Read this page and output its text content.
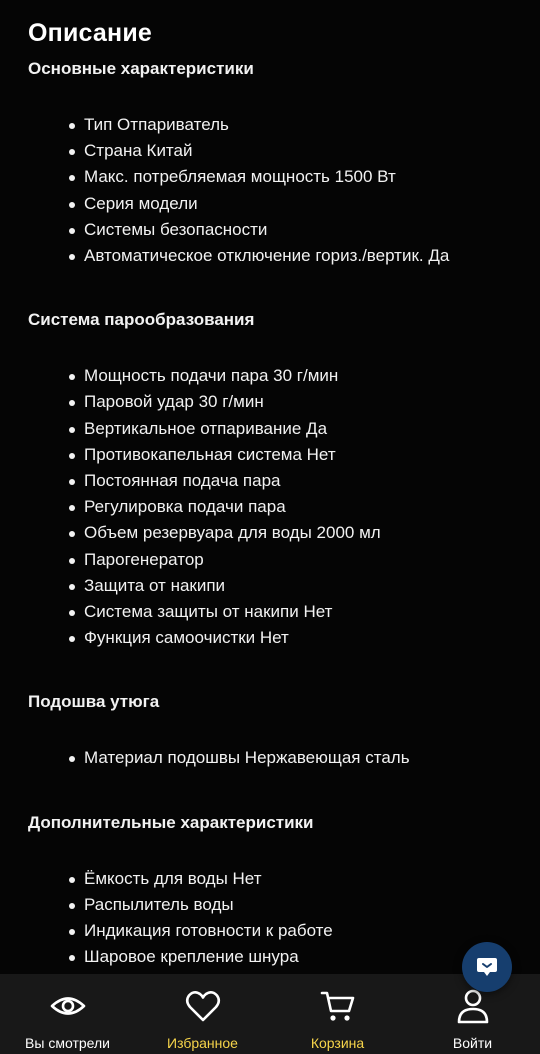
Описание
Основные характеристики
Тип Отпариватель
Страна Китай
Макс. потребляемая мощность 1500 Вт
Серия модели
Системы безопасности
Автоматическое отключение гориз./вертик. Да
Система парообразования
Мощность подачи пара 30 г/мин
Паровой удар 30 г/мин
Вертикальное отпаривание Да
Противокапельная система Нет
Постоянная подача пара
Регулировка подачи пара
Объем резервуара для воды 2000 мл
Парогенератор
Защита от накипи
Система защиты от накипи Нет
Функция самоочистки Нет
Подошва утюга
Материал подошвы Нержавеющая сталь
Дополнительные характеристики
Ёмкость для воды Нет
Распылитель воды
Индикация готовности к работе
Шаровое крепление шнура
Вы смотрели	Избранное	Корзина	Войти
